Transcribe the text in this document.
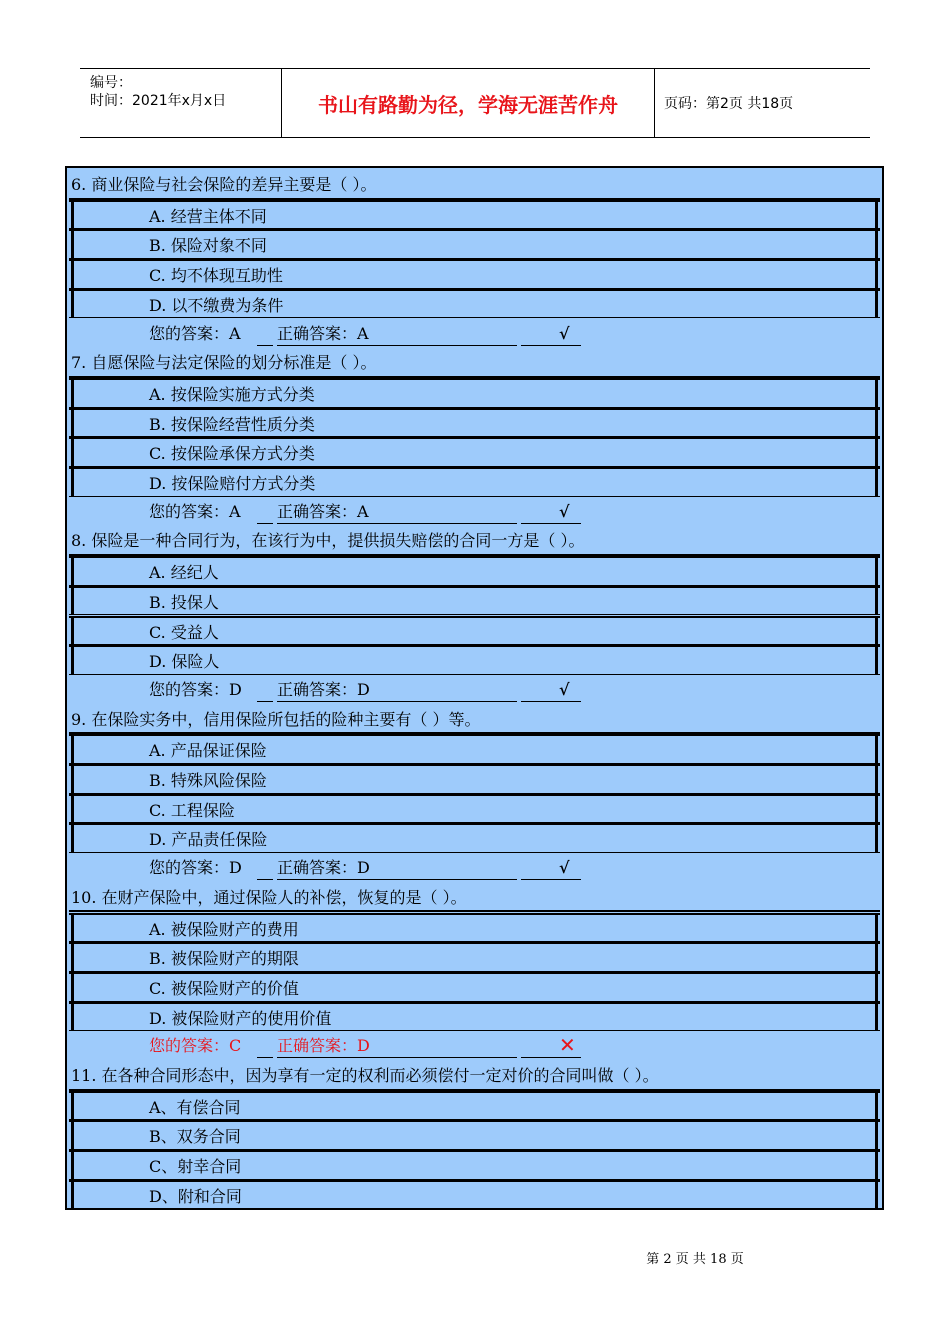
编号：
时间：2021年x月x日	书山有路勤为径，学海无涯苦作舟	页码：第2页 共18页
6. 商业保险与社会保险的差异主要是（ ）。
A. 经营主体不同
B. 保险对象不同
C. 均不体现互助性
D. 以不缴费为条件
您的答案：A 正确答案：A	√
7. 自愿保险与法定保险的划分标准是（ ）。
A. 按保险实施方式分类
B. 按保险经营性质分类
C. 按保险承保方式分类
D. 按保险赔付方式分类
您的答案：A 正确答案：A	√
8. 保险是一种合同行为，在该行为中，提供损失赔偿的合同一方是（ ）。
A. 经纪人
B. 投保人
C. 受益人
D. 保险人
您的答案：D 正确答案：D	√
9. 在保险实务中，信用保险所包括的险种主要有（ ）等。
A. 产品保证保险
B. 特殊风险保险
C. 工程保险
D. 产品责任保险
您的答案：D 正确答案：D	√
10. 在财产保险中，通过保险人的补偿，恢复的是（ ）。
A. 被保险财产的费用
B. 被保险财产的期限
C. 被保险财产的价值
D. 被保险财产的使用价值
您的答案：C 正确答案：D	✕
11. 在各种合同形态中，因为享有一定的权利而必须偿付一定对价的合同叫做（ ）。
A、有偿合同
B、双务合同
C、射幸合同
D、附和合同
第 2 页 共 18 页
